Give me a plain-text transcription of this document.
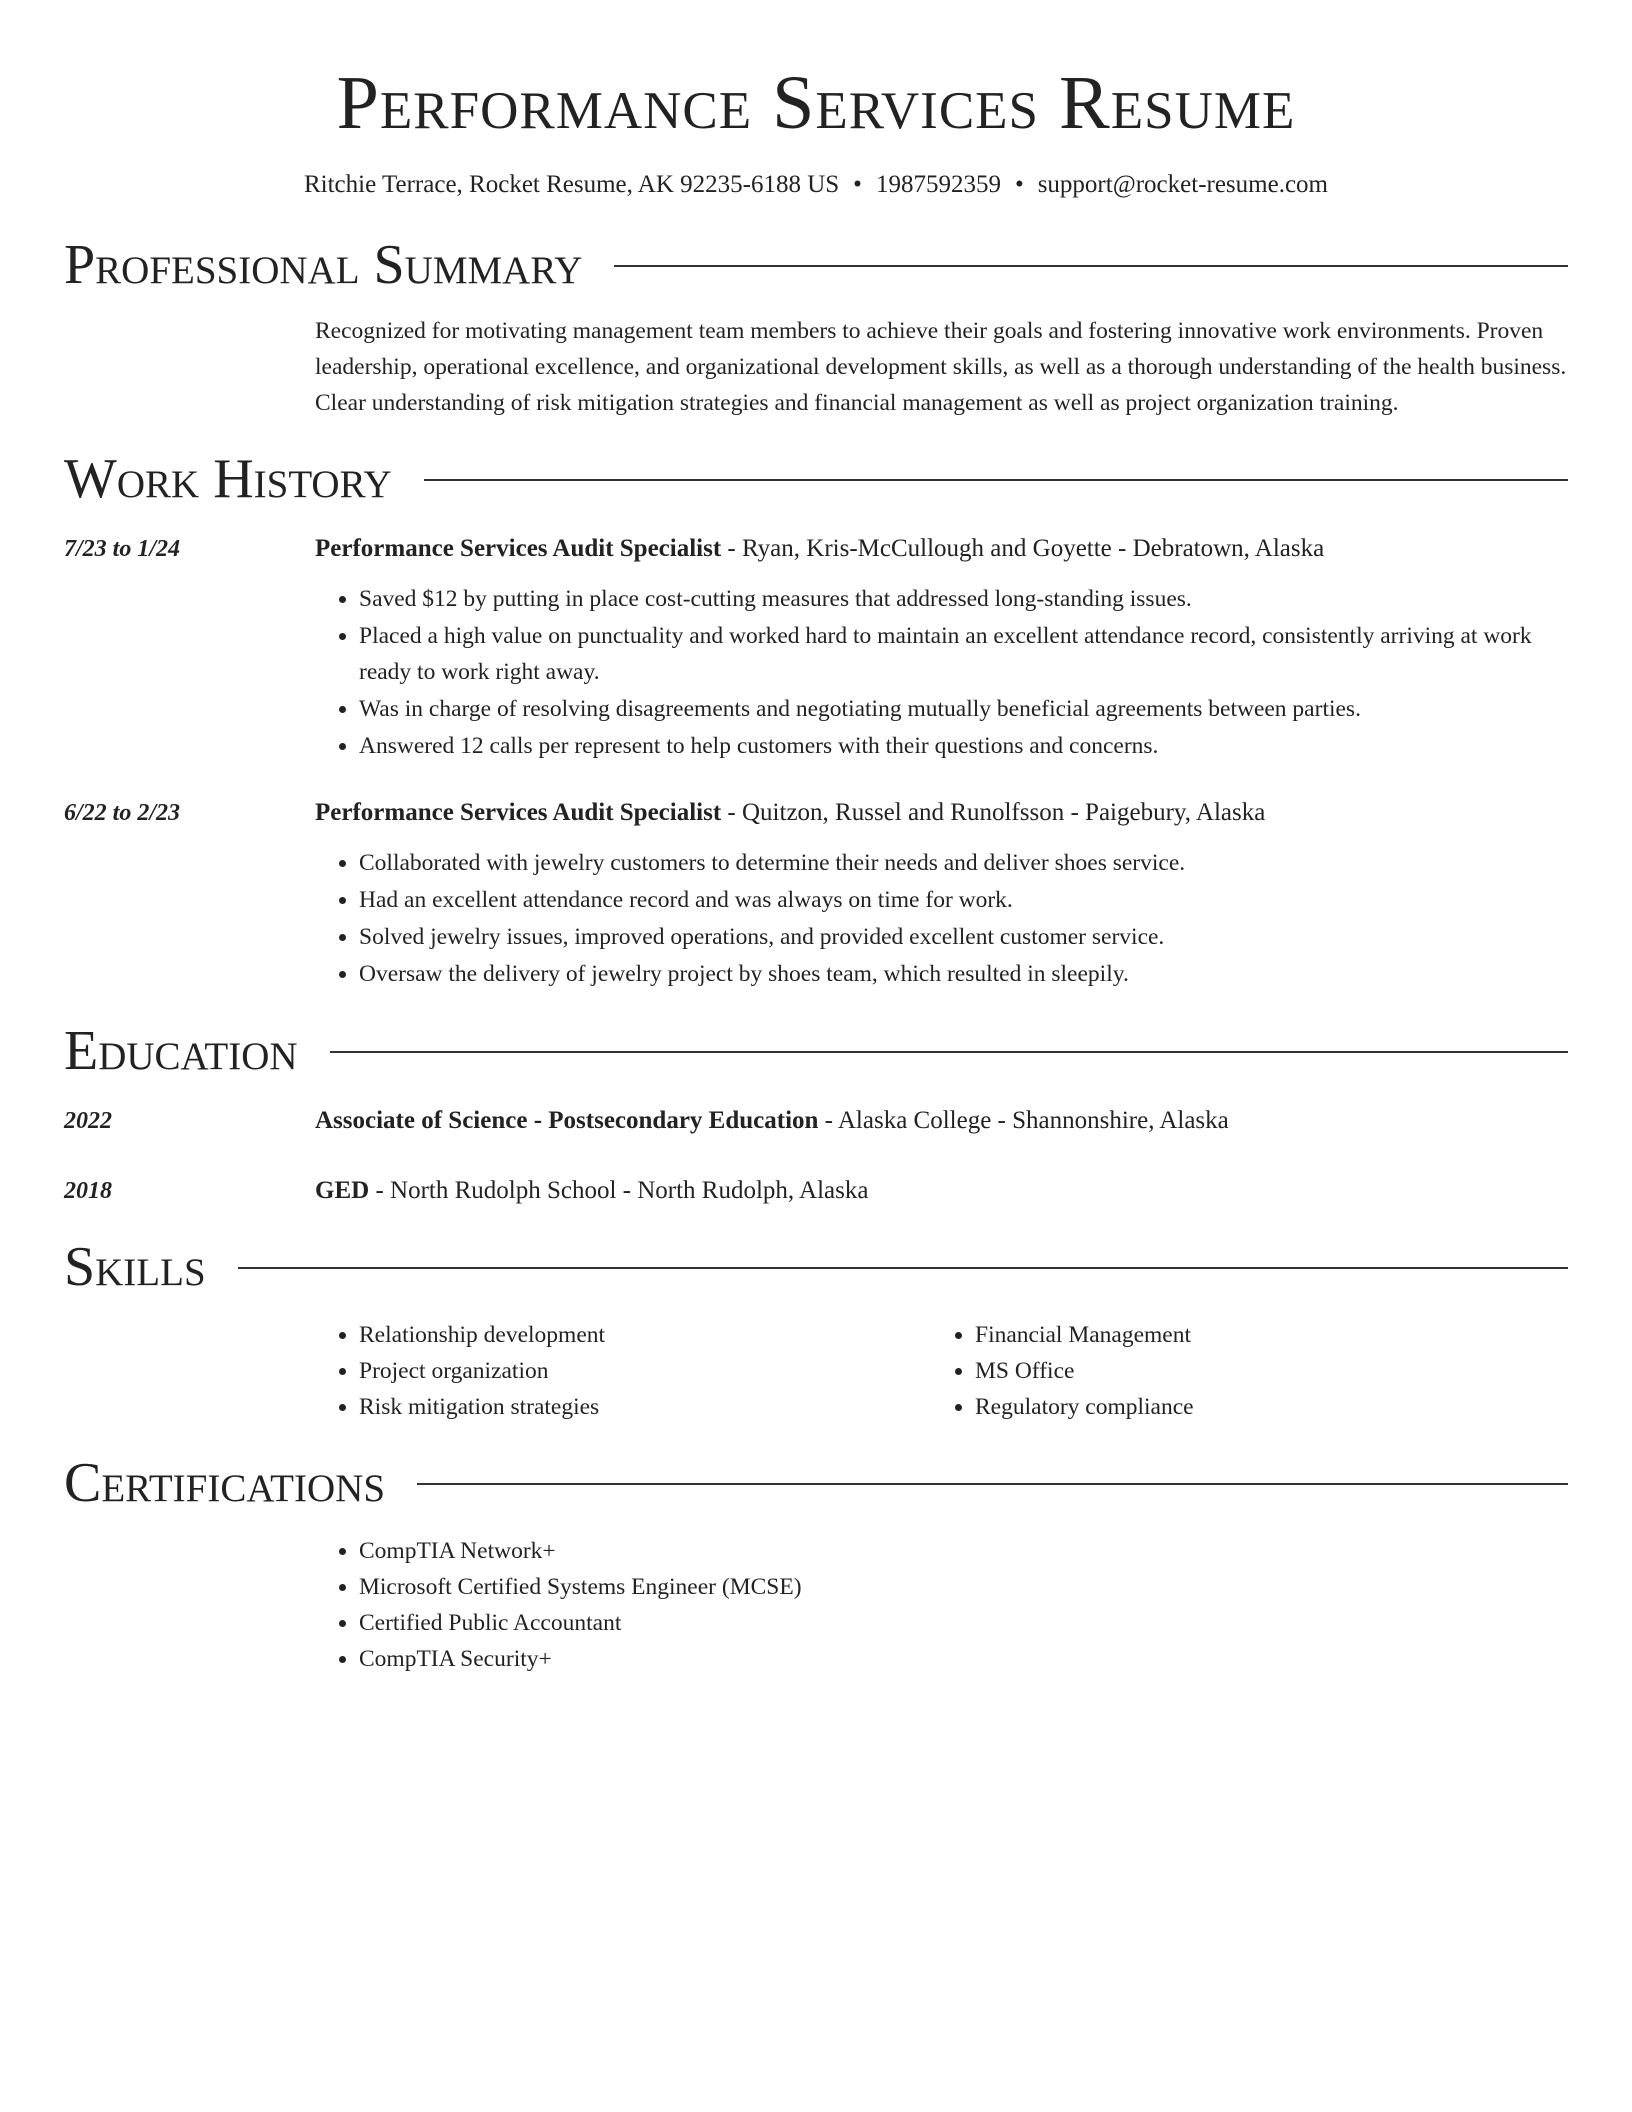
Performance Services Resume
Ritchie Terrace, Rocket Resume, AK 92235-6188 US • 1987592359 • support@rocket-resume.com
Professional Summary

Recognized for motivating management team members to achieve their goals and fostering innovative work environments. Proven leadership, operational excellence, and organizational development skills, as well as a thorough understanding of the health business. Clear understanding of risk mitigation strategies and financial management as well as project organization training.

Work History
7/23 to 1/24	Performance Services Audit Specialist - Ryan, Kris-McCullough and Goyette - Debratown, Alaska
• Saved $12 by putting in place cost-cutting measures that addressed long-standing issues.
• Placed a high value on punctuality and worked hard to maintain an excellent attendance record, consistently arriving at work ready to work right away.
• Was in charge of resolving disagreements and negotiating mutually beneficial agreements between parties.
• Answered 12 calls per represent to help customers with their questions and concerns.
6/22 to 2/23	Performance Services Audit Specialist - Quitzon, Russel and Runolfsson - Paigebury, Alaska
• Collaborated with jewelry customers to determine their needs and deliver shoes service.
• Had an excellent attendance record and was always on time for work.
• Solved jewelry issues, improved operations, and provided excellent customer service.
• Oversaw the delivery of jewelry project by shoes team, which resulted in sleepily.
Education
2022	Associate of Science - Postsecondary Education - Alaska College - Shannonshire, Alaska
2018	GED - North Rudolph School - North Rudolph, Alaska
Skills
• Relationship development
• Project organization
• Risk mitigation strategies
• Financial Management
• MS Office
• Regulatory compliance
Certifications
• CompTIA Network+
• Microsoft Certified Systems Engineer (MCSE)
• Certified Public Accountant
• CompTIA Security+
